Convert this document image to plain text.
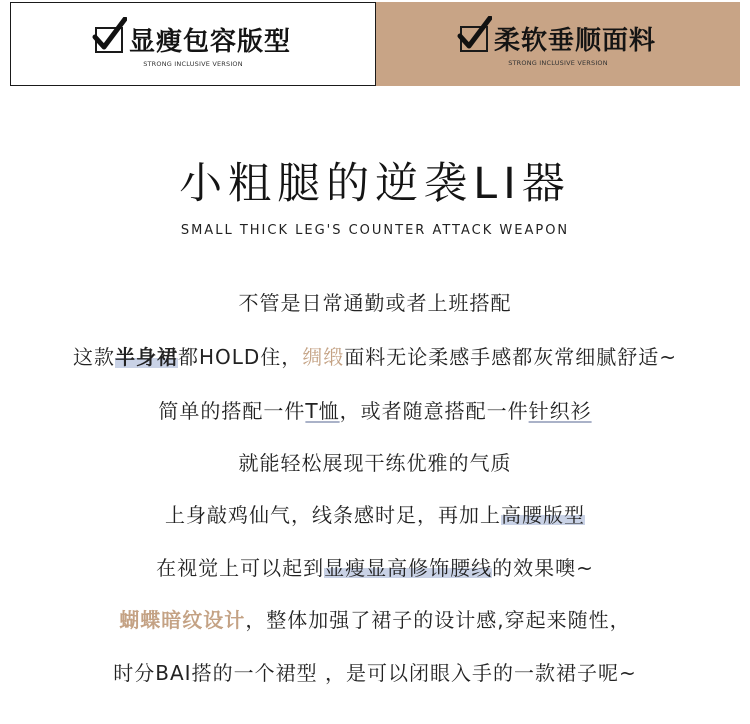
显瘦包容版型
STRONG INCLUSIVE VERSION
柔软垂顺面料
STRONG INCLUSIVE VERSION
小粗腿的逆袭LI器
SMALL THICK LEG'S COUNTER ATTACK WEAPON
不管是日常通勤或者上班搭配
这款半身裙都HOLD住，绸缎面料无论柔感手感都灰常细腻舒适~
简单的搭配一件T恤，或者随意搭配一件针织衫
就能轻松展现干练优雅的气质
上身敲鸡仙气，线条感时足，再加上高腰版型
在视觉上可以起到显瘦显高修饰腰线的效果噢~
蝴蝶暗纹设计，整体加强了裙子的设计感,穿起来随性，
时分BAI搭的一个裙型 ，是可以闭眼入手的一款裙子呢~
